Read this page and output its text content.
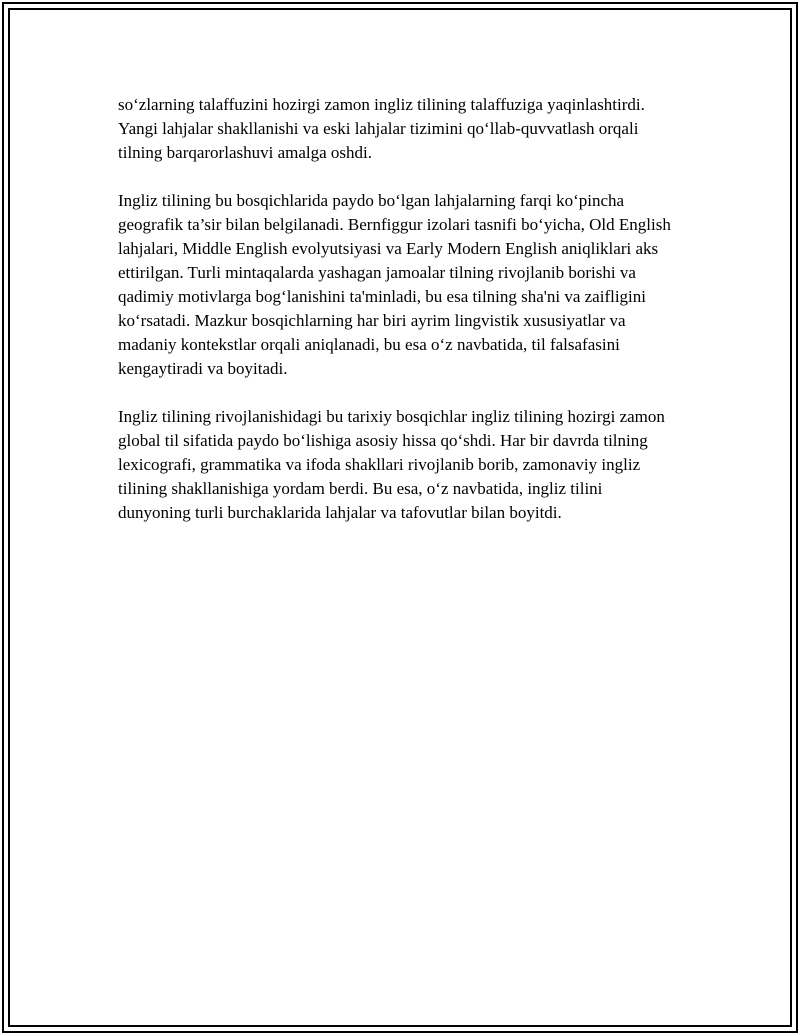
so‘zlarning talaffuzini hozirgi zamon ingliz tilining talaffuziga yaqinlashtirdi. Yangi lahjalar shakllanishi va eski lahjalar tizimini qo‘llab-quvvatlash orqali tilning barqarorlashuvi amalga oshdi.

Ingliz tilining bu bosqichlarida paydo bo‘lgan lahjalarning farqi ko‘pincha geografik ta’sir bilan belgilanadi. Bernfiggur izolari tasnifi bo‘yicha, Old English lahjalari, Middle English evolyutsiyasi va Early Modern English aniqliklari aks ettirilgan. Turli mintaqalarda yashagan jamoalar tilning rivojlanib borishi va qadimiy motivlarga bog‘lanishini ta'minladi, bu esa tilning sha'ni va zaifligini ko‘rsatadi. Mazkur bosqichlarning har biri ayrim lingvistik xususiyatlar va madaniy kontekstlar orqali aniqlanadi, bu esa o‘z navbatida, til falsafasini kengaytiradi va boyitadi.

Ingliz tilining rivojlanishidagi bu tarixiy bosqichlar ingliz tilining hozirgi zamon global til sifatida paydo bo‘lishiga asosiy hissa qo‘shdi. Har bir davrda tilning lexicografi, grammatika va ifoda shakllari rivojlanib borib, zamonaviy ingliz tilining shakllanishiga yordam berdi. Bu esa, o‘z navbatida, ingliz tilini dunyoning turli burchaklarida lahjalar va tafovutlar bilan boyitdi.
